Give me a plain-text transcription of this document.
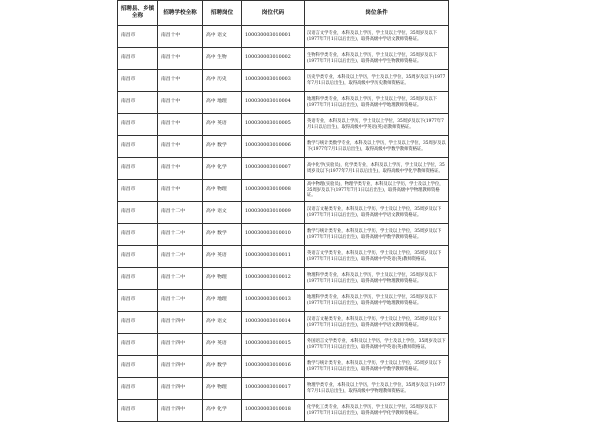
招聘县、乡镇全称	招聘学校全称	招聘岗位	岗位代码	岗位条件
南昌市	南昌十中	高中 语文	100030003010001	汉语言文学专业，本科及以上学历，学士及以上学位，35周岁及以下(1977年7月1日以后出生)，取得高级中学语文教师资格证。
南昌市	南昌十中	高中 生物	100030003010002	生物科学类专业，本科及以上学历，学士及以上学位，35周岁及以下(1977年7月1日以后出生)，取得高级中学生物教师资格证。
南昌市	南昌十中	高中 历史	100030003010003	历史学类专业，本科及以上学历，学士及以上学位，35周岁及以下(1977年7月1日以后出生)，取得高级中学历史教师资格证。
南昌市	南昌十中	高中 地理	100030003010004	地理科学类专业，本科及以上学历，学士及以上学位，35周岁及以下(1977年7月1日以后出生)，取得高级中学地理教师资格证。
南昌市	南昌十中	高中 英语	100030003010005	英语专业，本科及以上学历，学士及以上学位，35周岁及以下(1977年7月1日以后出生)，取得高级中学英语(英)语教师资格证。
南昌市	南昌十中	高中 数学	100030003010006	数学与统计类数学专业，本科及以上学历，学士及以上学位，35周岁及以下(1977年7月1日以后出生)，取得高级中学数学教师资格证。
南昌市	南昌十中	高中 化学	100030003010007	高中化学(实验员)，化学类专业，本科及以上学历，学士及以上学位，35周岁及以下(1977年7月1日以后出生)，取得高级中学化学教师资格证。
南昌市	南昌十中	高中 物理	100030003010008	高中物理(实验员)，物理学类专业，本科及以上学历，学士及以上学位，35周岁及以下(1977年7月1日以后出生)，取得高级中学物理教师资格证。
南昌市	南昌十二中	高中 语文	100030003010009	汉语言文秘类专业，本科及以上学历，学士及以上学位，35周岁及以下(1977年7月1日以后出生)，取得高级中学语文教师资格证。
南昌市	南昌十二中	高中 数学	100030003010010	数学与统计类专业，本科及以上学历，学士及以上学位，35周岁及以下(1977年7月1日以后出生)，取得高级中学数学教师资格证。
南昌市	南昌十二中	高中 英语	100030003010011	英语言文学类专业，本科及以上学历，学士及以上学位，35周岁及以下(1977年7月1日以后出生)，取得高级中学英语(英)教师资格证。
南昌市	南昌十二中	高中 物理	100030003010012	物理科学类专业，本科及以上学历，学士及以上学位，35周岁及以下(1977年7月1日以后出生)，取得高级中学物理教师资格证。
南昌市	南昌十二中	高中 地理	100030003010013	地理科学类专业，本科及以上学历，学士及以上学位，35周岁及以下(1977年7月1日以后出生)，取得高级中学地理教师资格证。
南昌市	南昌十四中	高中 语文	100030003010014	汉语言文秘类专业，本科及以上学历，学士及以上学位，35周岁及以下(1977年7月1日以后出生)，取得高级中学语文教师资格证。
南昌市	南昌十四中	高中 英语	100030003010015	外国语言文学类专业，本科及以上学历，学士及以上学位，35周岁及以下(1977年7月1日以后出生)，取得高级中学英语(英)教师资格证。
南昌市	南昌十四中	高中 数学	100030003010016	数学与统计类专业，本科及以上学历，学士及以上学位，35周岁及以下(1977年7月1日以后出生)，取得高级中学数学教师资格证。
南昌市	南昌十四中	高中 物理	100030003010017	物理学类专业，本科及以上学历，学士及以上学位，35周岁及以下(1977年7月1日以后出生)，取得高级中学物理教师资格证。
南昌市	南昌十四中	高中 化学	100030003010018	化学化工类专业，本科及以上学历，学士及以上学位，35周岁及以下(1977年7月1日以后出生)，取得高级中学化学教师资格证。
